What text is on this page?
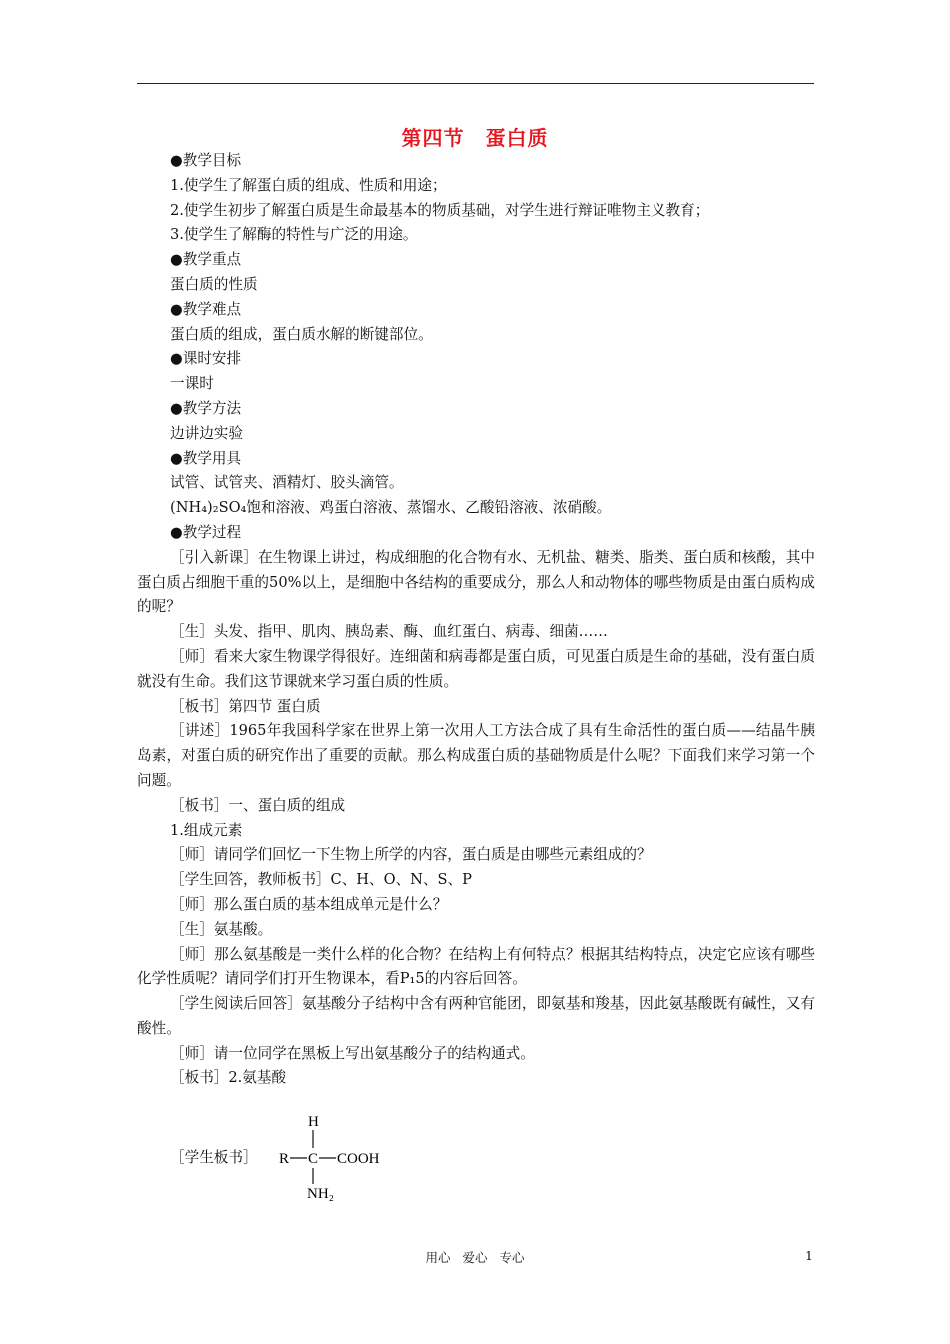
第四节　蛋白质
●教学目标
1.使学生了解蛋白质的组成、性质和用途；
2.使学生初步了解蛋白质是生命最基本的物质基础，对学生进行辩证唯物主义教育；
3.使学生了解酶的特性与广泛的用途。
●教学重点
蛋白质的性质
●教学难点
蛋白质的组成，蛋白质水解的断键部位。
●课时安排
一课时
●教学方法
边讲边实验
●教学用具
试管、试管夹、酒精灯、胶头滴管。
(NH₄)₂SO₄饱和溶液、鸡蛋白溶液、蒸馏水、乙酸铅溶液、浓硝酸。
●教学过程
［引入新课］在生物课上讲过，构成细胞的化合物有水、无机盐、糖类、脂类、蛋白质和核酸，其中蛋白质占细胞干重的50%以上，是细胞中各结构的重要成分，那么人和动物体的哪些物质是由蛋白质构成的呢？
［生］头发、指甲、肌肉、胰岛素、酶、血红蛋白、病毒、细菌……
［师］看来大家生物课学得很好。连细菌和病毒都是蛋白质，可见蛋白质是生命的基础，没有蛋白质就没有生命。我们这节课就来学习蛋白质的性质。
［板书］第四节 蛋白质
［讲述］1965年我国科学家在世界上第一次用人工方法合成了具有生命活性的蛋白质——结晶牛胰岛素，对蛋白质的研究作出了重要的贡献。那么构成蛋白质的基础物质是什么呢？下面我们来学习第一个问题。
［板书］一、蛋白质的组成
1.组成元素
［师］请同学们回忆一下生物上所学的内容，蛋白质是由哪些元素组成的？
［学生回答，教师板书］C、H、O、N、S、P
［师］那么蛋白质的基本组成单元是什么？
［生］氨基酸。
［师］那么氨基酸是一类什么样的化合物？在结构上有何特点？根据其结构特点，决定它应该有哪些化学性质呢？请同学们打开生物课本，看P₁5的内容后回答。
［学生阅读后回答］氨基酸分子结构中含有两种官能团，即氨基和羧基，因此氨基酸既有碱性，又有酸性。
［师］请一位同学在黑板上写出氨基酸分子的结构通式。
［板书］2.氨基酸
［学生板书］
H
R C COOH
NH₂
用心 爱心 专心	1
